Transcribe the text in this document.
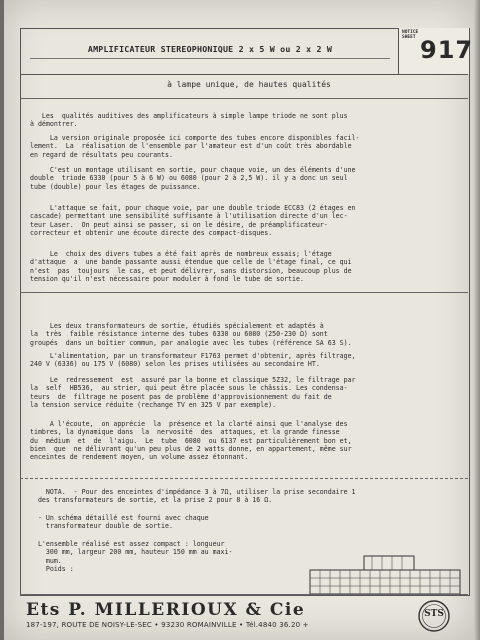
AMPLIFICATEUR STEREOPHONIQUE 2 x 5 W ou 2 x 2 W
NOTICE SHEET 917
à lampe unique, de hautes qualités
Les  qualités auditives des amplificateurs à simple lampe triode ne sont plus
à démontrer.
La version originale proposée ici comporte des tubes encore disponibles facil-
lement.  La  réalisation de l'ensemble par l'amateur est d'un coût très abordable
en regard de résultats peu courants.
C'est un montage utilisant en sortie, pour chaque voie, un des éléments d'une
double  triode 6330 (pour 5 à 6 W) ou 6080 (pour 2 à 2,5 W). il y a donc un seul
tube (double) pour les étages de puissance.
L'attaque se fait, pour chaque voie, par une double triode ECC83 (2 étages en
cascade) permettant une sensibilité suffisante à l'utilisation directe d'un lec-
teur Laser.  On peut ainsi se passer, si on le désire, de préamplificateur-
correcteur et obtenir une écoute directe des compact-disques.
Le  choix des divers tubes a été fait après de nombreux essais; l'étage
d'attaque  a  une bande passante aussi étendue que celle de l'étage final, ce qui
n'est  pas  toujours  le cas, et peut délivrer, sans distorsion, beaucoup plus de
tension qu'il n'est nécessaire pour moduler à fond le tube de sortie.
Les deux transformateurs de sortie, étudiés spécialement et adaptés à
la  très  faible résistance interne des tubes 6330 ou 6080 (250-230 Ω) sont
groupés  dans un boîtier commun, par analogie avec les tubes (référence SA 63 S).
L'alimentation, par un transformateur F1763 permet d'obtenir, après filtrage,
240 V (6336) ou 175 V (6080) selon les prises utilisées au secondaire HT.
Le  redressement  est  assuré par la bonne et classique 5Z32, le filtrage par
la  self  HB536,  au strier, qui peut être placée sous le châssis. Les condensa-
teurs  de  filtrage ne posent pas de problème d'approvisionnement du fait de
la tension service réduite (rechange TV en 325 V par exemple).
A l'écoute,  on apprécie  la  présence et la clarté ainsi que l'analyse des
timbres, la dynamique dans  la  nervosité  des  attaques, et la grande finesse
du  médium  et  de  l'aigu.  Le  tube  6080  ou 6137 est particulièrement bon et,
bien  que  ne délivrant qu'un peu plus de 2 watts donne, en appartement, même sur
enceintes de rendement moyen, un volume assez étonnant.
NOTA.  - Pour des enceintes d'impédance 3 à 7Ω, utiliser la prise secondaire 1
des transformateurs de sortie, et la prise 2 pour 8 à 16 Ω.
- Un schéma détaillé est fourni avec chaque
transformateur double de sortie.
L'ensemble réalisé est assez compact : longueur
300 mm, largeur 200 mm, hauteur 150 mm au maxi-
mum.
Poids :
Ets P. MILLERIOUX & Cie
187-197, ROUTE DE NOISY-LE-SEC • 93230 ROMAINVILLE • Tél.4840 36.20 +
STS
